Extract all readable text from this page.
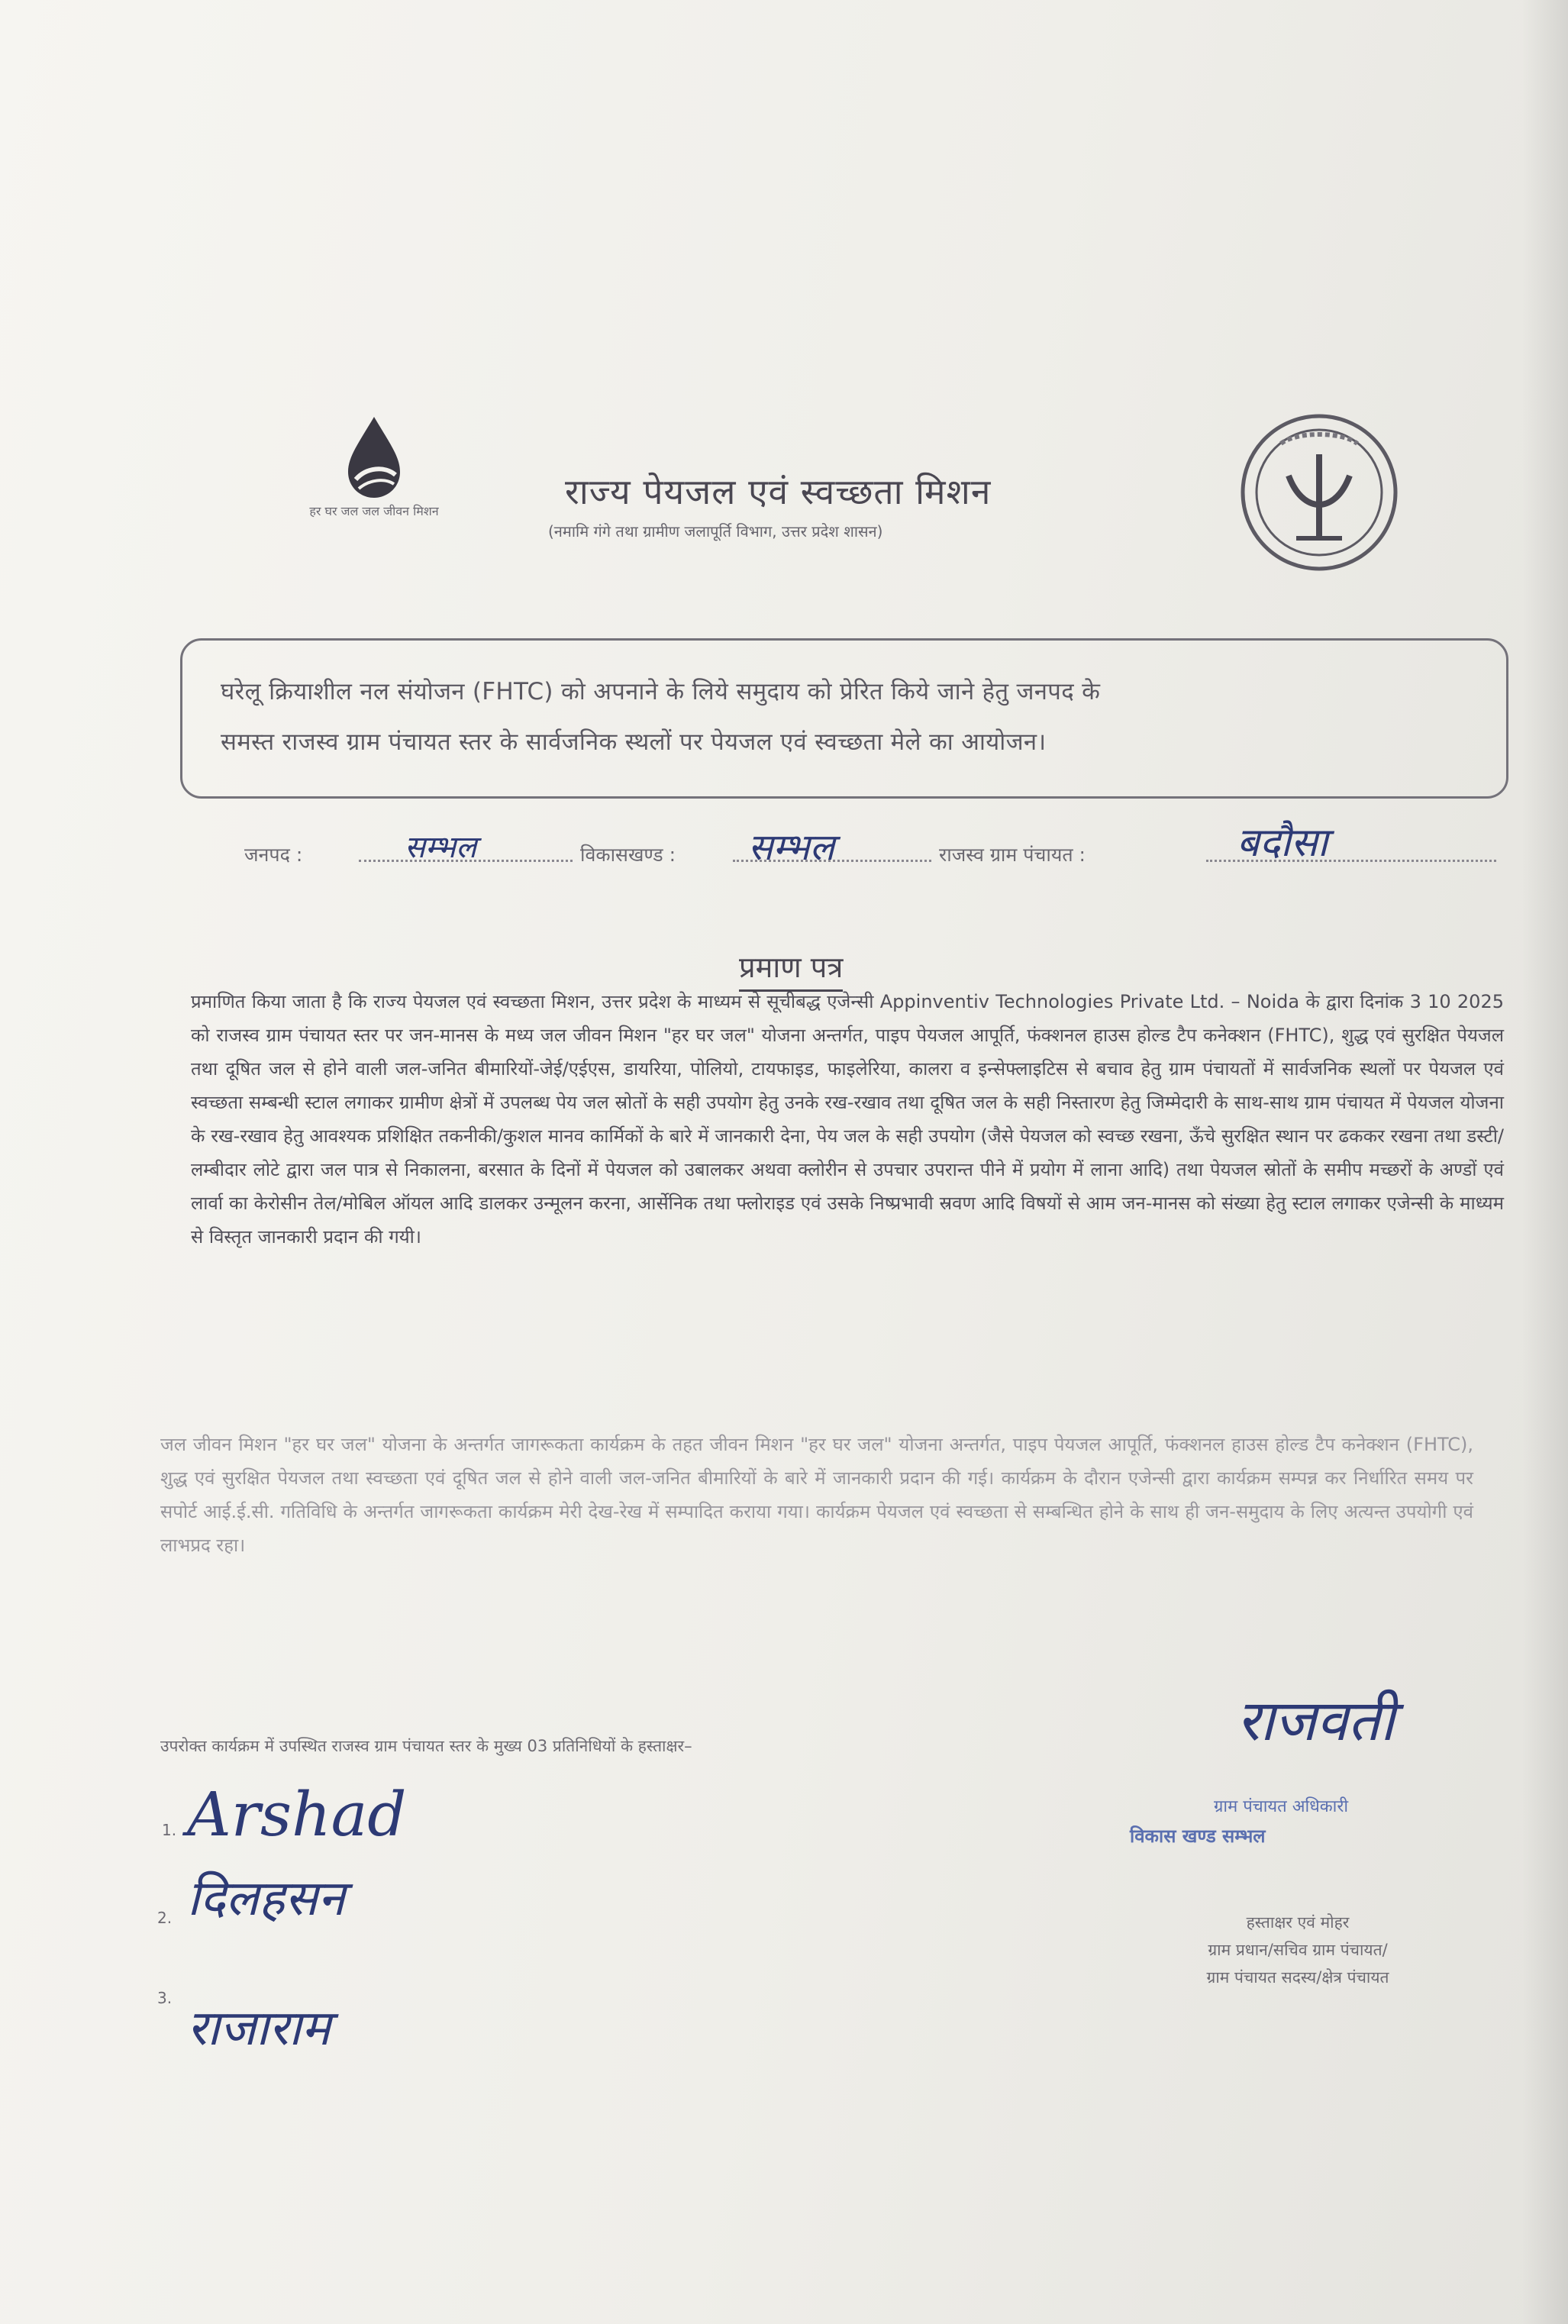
हर घर जल जल जीवन मिशन	राज्य पेयजल एवं स्वच्छता मिशन
(नमामि गंगे तथा ग्रामीण जलापूर्ति विभाग, उत्तर प्रदेश शासन)
घरेलू क्रियाशील नल संयोजन (FHTC) को अपनाने के लिये समुदाय को प्रेरित किये जाने हेतु जनपद के
समस्त राजस्व ग्राम पंचायत स्तर के सार्वजनिक स्थलों पर पेयजल एवं स्वच्छता मेले का आयोजन।
जनपद :	सम्भल	विकासखण्ड : सम्भल	राजस्व ग्राम पंचायत :	बदौसा
प्रमाण पत्र
प्रमाणित किया जाता है कि राज्य पेयजल एवं स्वच्छता मिशन, उत्तर प्रदेश के माध्यम से सूचीबद्ध एजेन्सी Appinventiv Technologies Private Ltd. – Noida के द्वारा दिनांक 3 10 2025 को राजस्व ग्राम पंचायत स्तर पर जन-मानस के मध्य जल जीवन मिशन "हर घर जल" योजना अन्तर्गत, पाइप पेयजल आपूर्ति, फंक्शनल हाउस होल्ड टैप कनेक्शन (FHTC), शुद्ध एवं सुरक्षित पेयजल तथा दूषित जल से होने वाली जल-जनित बीमारियों-जेई/एईएस, डायरिया, पोलियो, टायफाइड, फाइलेरिया, कालरा व इन्सेफ्लाइटिस से बचाव हेतु ग्राम पंचायतों में सार्वजनिक स्थलों पर पेयजल एवं स्वच्छता सम्बन्धी स्टाल लगाकर ग्रामीण क्षेत्रों में उपलब्ध पेय जल स्रोतों के सही उपयोग हेतु उनके रख-रखाव तथा दूषित जल के सही निस्तारण हेतु जिम्मेदारी के साथ-साथ ग्राम पंचायत में पेयजल योजना के रख-रखाव हेतु आवश्यक प्रशिक्षित तकनीकी/कुशल मानव कार्मिकों के बारे में जानकारी देना, पेय जल के सही उपयोग (जैसे पेयजल को स्वच्छ रखना, ऊँचे सुरक्षित स्थान पर ढककर रखना तथा डस्टी/लम्बीदार लोटे द्वारा जल पात्र से निकालना, बरसात के दिनों में पेयजल को उबालकर अथवा क्लोरीन से उपचार उपरान्त पीने में प्रयोग में लाना आदि) तथा पेयजल स्रोतों के समीप मच्छरों के अण्डों एवं लार्वा का केरोसीन तेल/मोबिल ऑयल आदि डालकर उन्मूलन करना, आर्सेनिक तथा फ्लोराइड एवं उसके निष्प्रभावी स्रवण आदि विषयों से आम जन-मानस को संख्या हेतु स्टाल लगाकर एजेन्सी के माध्यम से विस्तृत जानकारी प्रदान की गयी।
जल जीवन मिशन "हर घर जल" योजना के अन्तर्गत जागरूकता कार्यक्रम के तहत जीवन मिशन "हर घर जल" योजना अन्तर्गत, पाइप पेयजल आपूर्ति, फंक्शनल हाउस होल्ड टैप कनेक्शन (FHTC), शुद्ध एवं सुरक्षित पेयजल तथा स्वच्छता एवं दूषित जल से होने वाली जल-जनित बीमारियों के बारे में जानकारी प्रदान की गई। कार्यक्रम के दौरान एजेन्सी द्वारा कार्यक्रम सम्पन्न कर निर्धारित समय पर सपोर्ट आई.ई.सी. गतिविधि के अन्तर्गत जागरूकता कार्यक्रम मेरी देख-रेख में सम्पादित कराया गया। कार्यक्रम पेयजल एवं स्वच्छता से सम्बन्धित होने के साथ ही जन-समुदाय के लिए अत्यन्त उपयोगी एवं लाभप्रद रहा।
उपरोक्त कार्यक्रम में उपस्थित राजस्व ग्राम पंचायत स्तर के मुख्य 03 प्रतिनिधियों के हस्ताक्षर–
1. Arshad
2. दिलहसन
3.
राजाराम
राजवती
ग्राम पंचायत अधिकारी
विकास खण्ड सम्भल
हस्ताक्षर एवं मोहर
ग्राम प्रधान/सचिव ग्राम पंचायत/
ग्राम पंचायत सदस्य/क्षेत्र पंचायत
